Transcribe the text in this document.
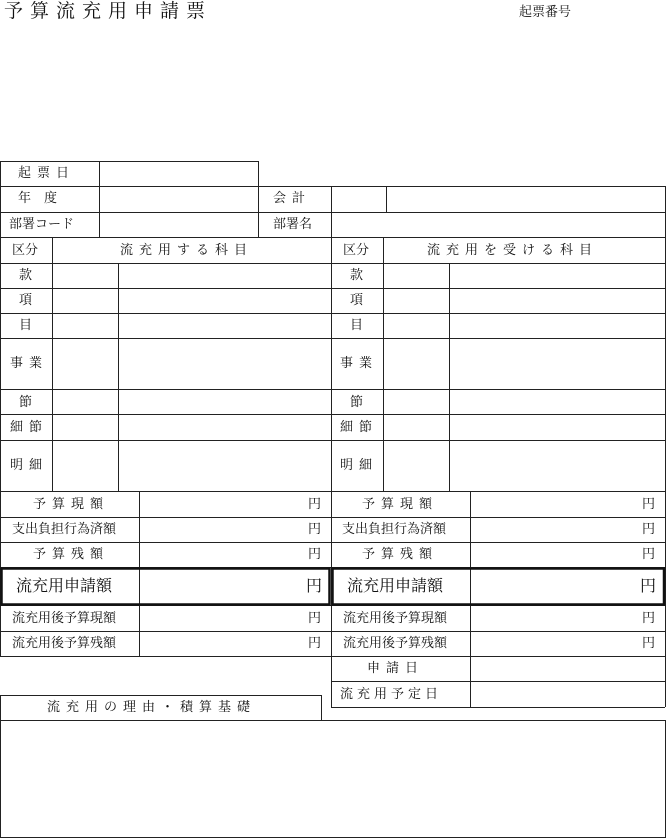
予算流充用申請票	起票番号
起票日
年　度	会計
部署コード	部署名
区分	流充用する科目
款
項
目
事業
節
細節
明細
区分	流充用を受ける科目
款
項
目
事業
節
細節
明細
予算現額	円
支出負担行為済額	円
予算残額	円
流充用申請額	円
流充用後予算現額	円
流充用後予算残額	円
予算現額	円
支出負担行為済額	円
予算残額	円
流充用申請額	円
流充用後予算現額	円
流充用後予算残額	円
申請日
流充用予定日
流充用の理由・積算基礎
